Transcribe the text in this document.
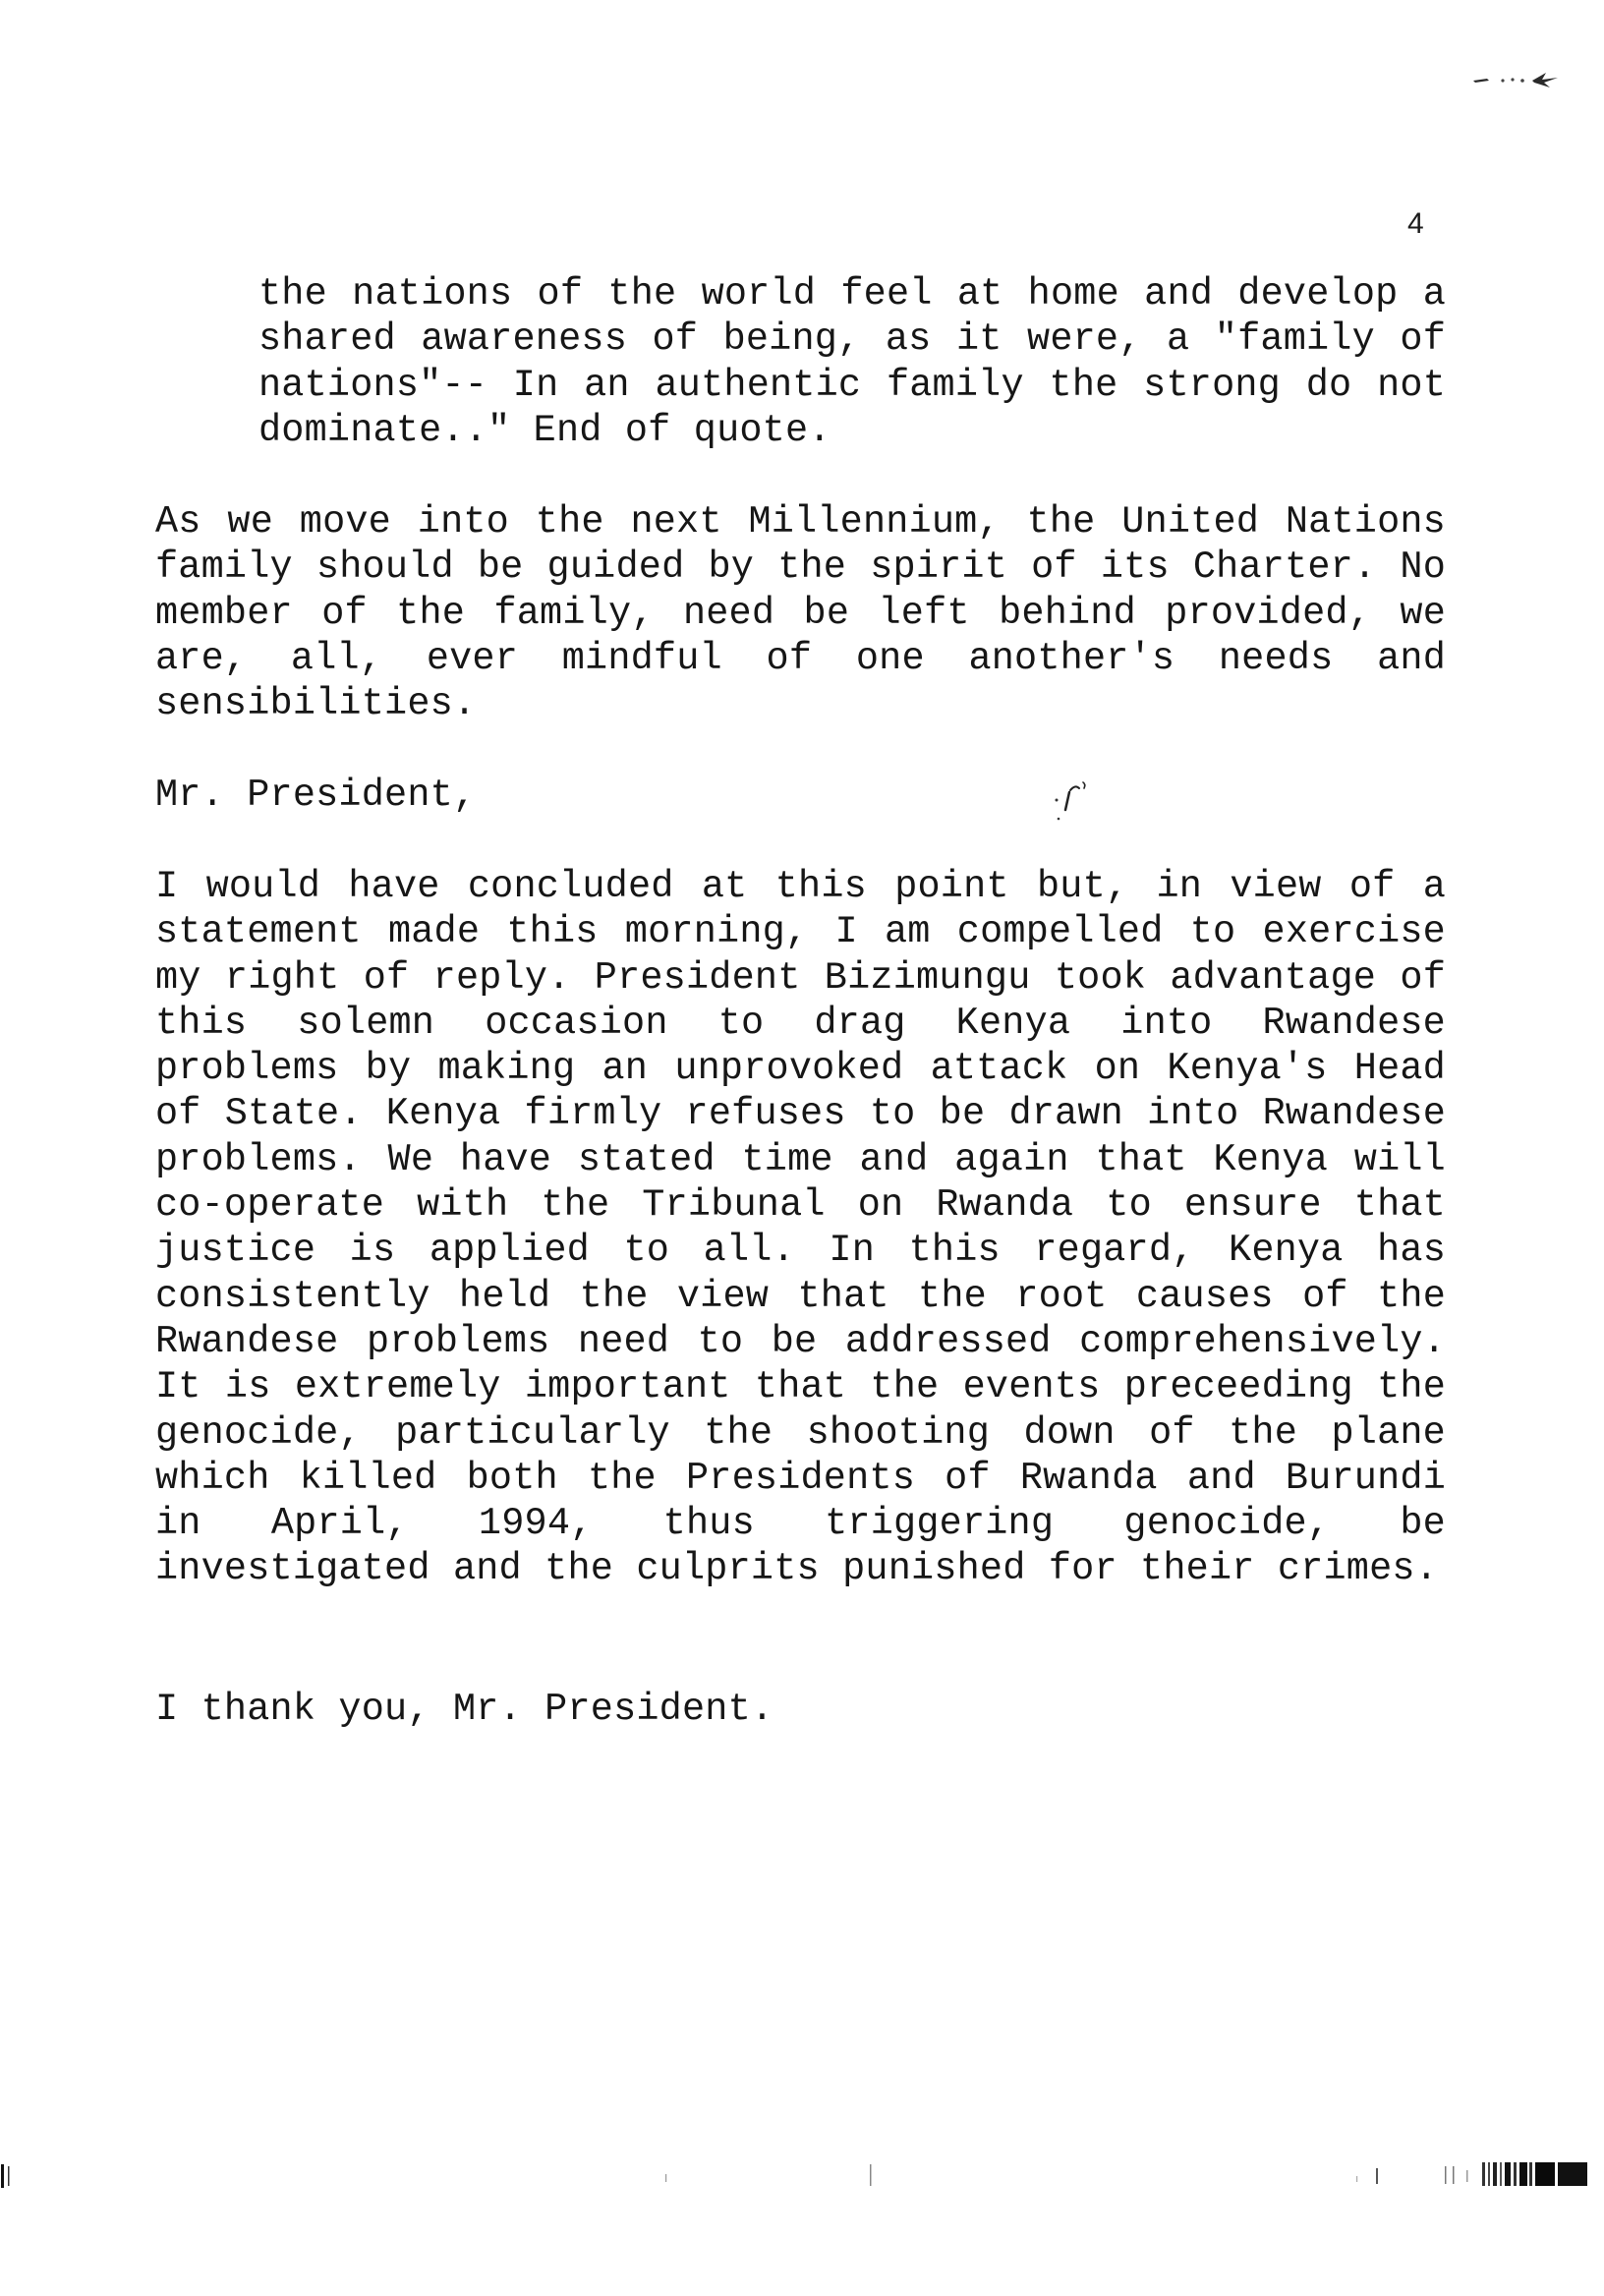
4

the nations of the world feel at home and develop a shared awareness of being, as it were, a "family of nations"-- In an authentic family the strong do not dominate.." End of quote.

As we move into the next Millennium, the United Nations family should be guided by the spirit of its Charter. No member of the family, need be left behind provided, we are, all, ever mindful of one another's needs and sensibilities.

Mr. President,

I would have concluded at this point but, in view of a statement made this morning, I am compelled to exercise my right of reply. President Bizimungu took advantage of this solemn occasion to drag Kenya into Rwandese problems by making an unprovoked attack on Kenya's Head of State. Kenya firmly refuses to be drawn into Rwandese problems. We have stated time and again that Kenya will co-operate with the Tribunal on Rwanda to ensure that justice is applied to all. In this regard, Kenya has consistently held the view that the root causes of the Rwandese problems need to be addressed comprehensively. It is extremely important that the events preceeding the genocide, particularly the shooting down of the plane which killed both the Presidents of Rwanda and Burundi in April, 1994, thus triggering genocide, be investigated and the culprits punished for their crimes.

I thank you, Mr. President.
